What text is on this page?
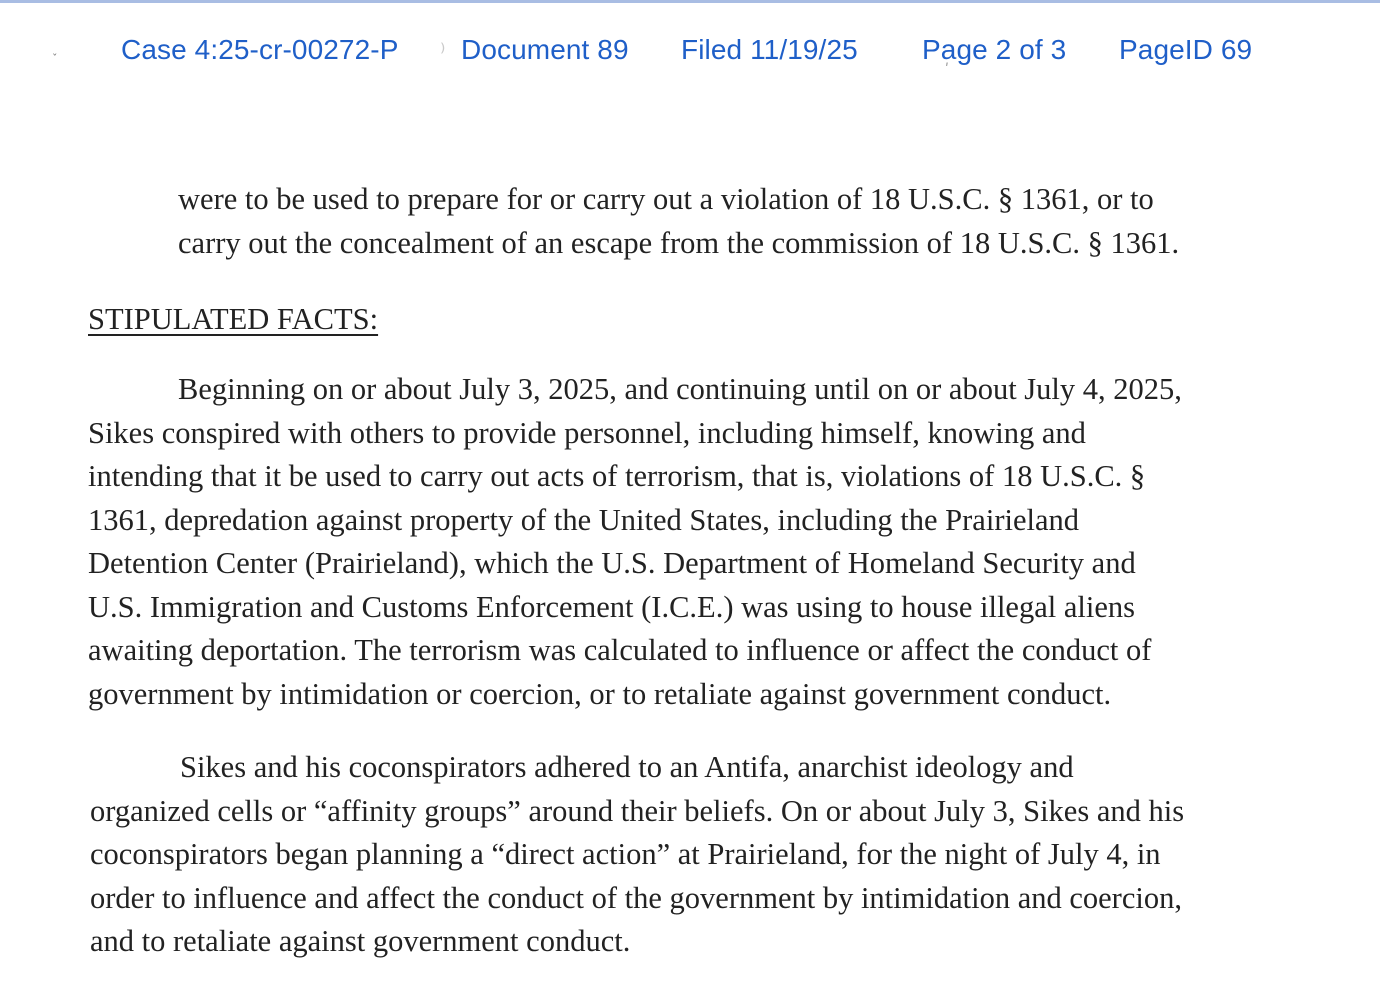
ˇ	⁾
ʹ
Case 4:25-cr-00272-P Document 89 Filed 11/19/25 Page 2 of 3 PageID 69
were to be used to prepare for or carry out a violation of 18 U.S.C. § 1361, or to
carry out the concealment of an escape from the commission of 18 U.S.C. § 1361.
STIPULATED FACTS:
Beginning on or about July 3, 2025, and continuing until on or about July 4, 2025,
Sikes conspired with others to provide personnel, including himself, knowing and
intending that it be used to carry out acts of terrorism, that is, violations of 18 U.S.C. §
1361, depredation against property of the United States, including the Prairieland
Detention Center (Prairieland), which the U.S. Department of Homeland Security and
U.S. Immigration and Customs Enforcement (I.C.E.) was using to house illegal aliens
awaiting deportation. The terrorism was calculated to influence or affect the conduct of
government by intimidation or coercion, or to retaliate against government conduct.
Sikes and his coconspirators adhered to an Antifa, anarchist ideology and
organized cells or “affinity groups” around their beliefs. On or about July 3, Sikes and his
coconspirators began planning a “direct action” at Prairieland, for the night of July 4, in
order to influence and affect the conduct of the government by intimidation and coercion,
and to retaliate against government conduct.
